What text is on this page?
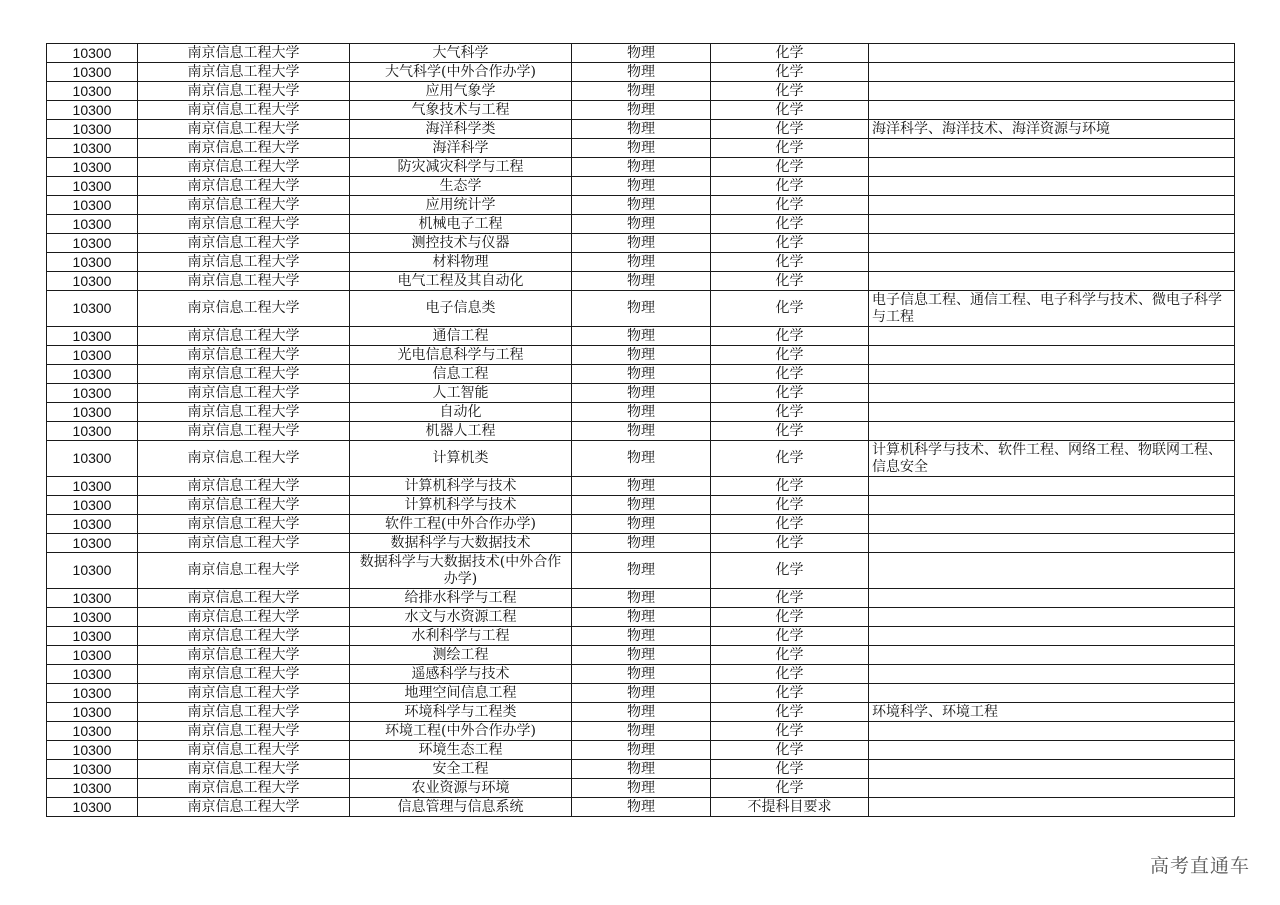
10300	南京信息工程大学	大气科学	物理	化学	
10300	南京信息工程大学	大气科学(中外合作办学)	物理	化学	
10300	南京信息工程大学	应用气象学	物理	化学	
10300	南京信息工程大学	气象技术与工程	物理	化学	
10300	南京信息工程大学	海洋科学类	物理	化学	海洋科学、海洋技术、海洋资源与环境
10300	南京信息工程大学	海洋科学	物理	化学	
10300	南京信息工程大学	防灾减灾科学与工程	物理	化学	
10300	南京信息工程大学	生态学	物理	化学	
10300	南京信息工程大学	应用统计学	物理	化学	
10300	南京信息工程大学	机械电子工程	物理	化学	
10300	南京信息工程大学	测控技术与仪器	物理	化学	
10300	南京信息工程大学	材料物理	物理	化学	
10300	南京信息工程大学	电气工程及其自动化	物理	化学	
10300	南京信息工程大学	电子信息类	物理	化学	电子信息工程、通信工程、电子科学与技术、微电子科学与工程
10300	南京信息工程大学	通信工程	物理	化学	
10300	南京信息工程大学	光电信息科学与工程	物理	化学	
10300	南京信息工程大学	信息工程	物理	化学	
10300	南京信息工程大学	人工智能	物理	化学	
10300	南京信息工程大学	自动化	物理	化学	
10300	南京信息工程大学	机器人工程	物理	化学	
10300	南京信息工程大学	计算机类	物理	化学	计算机科学与技术、软件工程、网络工程、物联网工程、信息安全
10300	南京信息工程大学	计算机科学与技术	物理	化学	
10300	南京信息工程大学	计算机科学与技术	物理	化学	
10300	南京信息工程大学	软件工程(中外合作办学)	物理	化学	
10300	南京信息工程大学	数据科学与大数据技术	物理	化学	
10300	南京信息工程大学	数据科学与大数据技术(中外合作办学)	物理	化学	
10300	南京信息工程大学	给排水科学与工程	物理	化学	
10300	南京信息工程大学	水文与水资源工程	物理	化学	
10300	南京信息工程大学	水利科学与工程	物理	化学	
10300	南京信息工程大学	测绘工程	物理	化学	
10300	南京信息工程大学	遥感科学与技术	物理	化学	
10300	南京信息工程大学	地理空间信息工程	物理	化学	
10300	南京信息工程大学	环境科学与工程类	物理	化学	环境科学、环境工程
10300	南京信息工程大学	环境工程(中外合作办学)	物理	化学	
10300	南京信息工程大学	环境生态工程	物理	化学	
10300	南京信息工程大学	安全工程	物理	化学	
10300	南京信息工程大学	农业资源与环境	物理	化学	
10300	南京信息工程大学	信息管理与信息系统	物理	不提科目要求	
高考直通车
